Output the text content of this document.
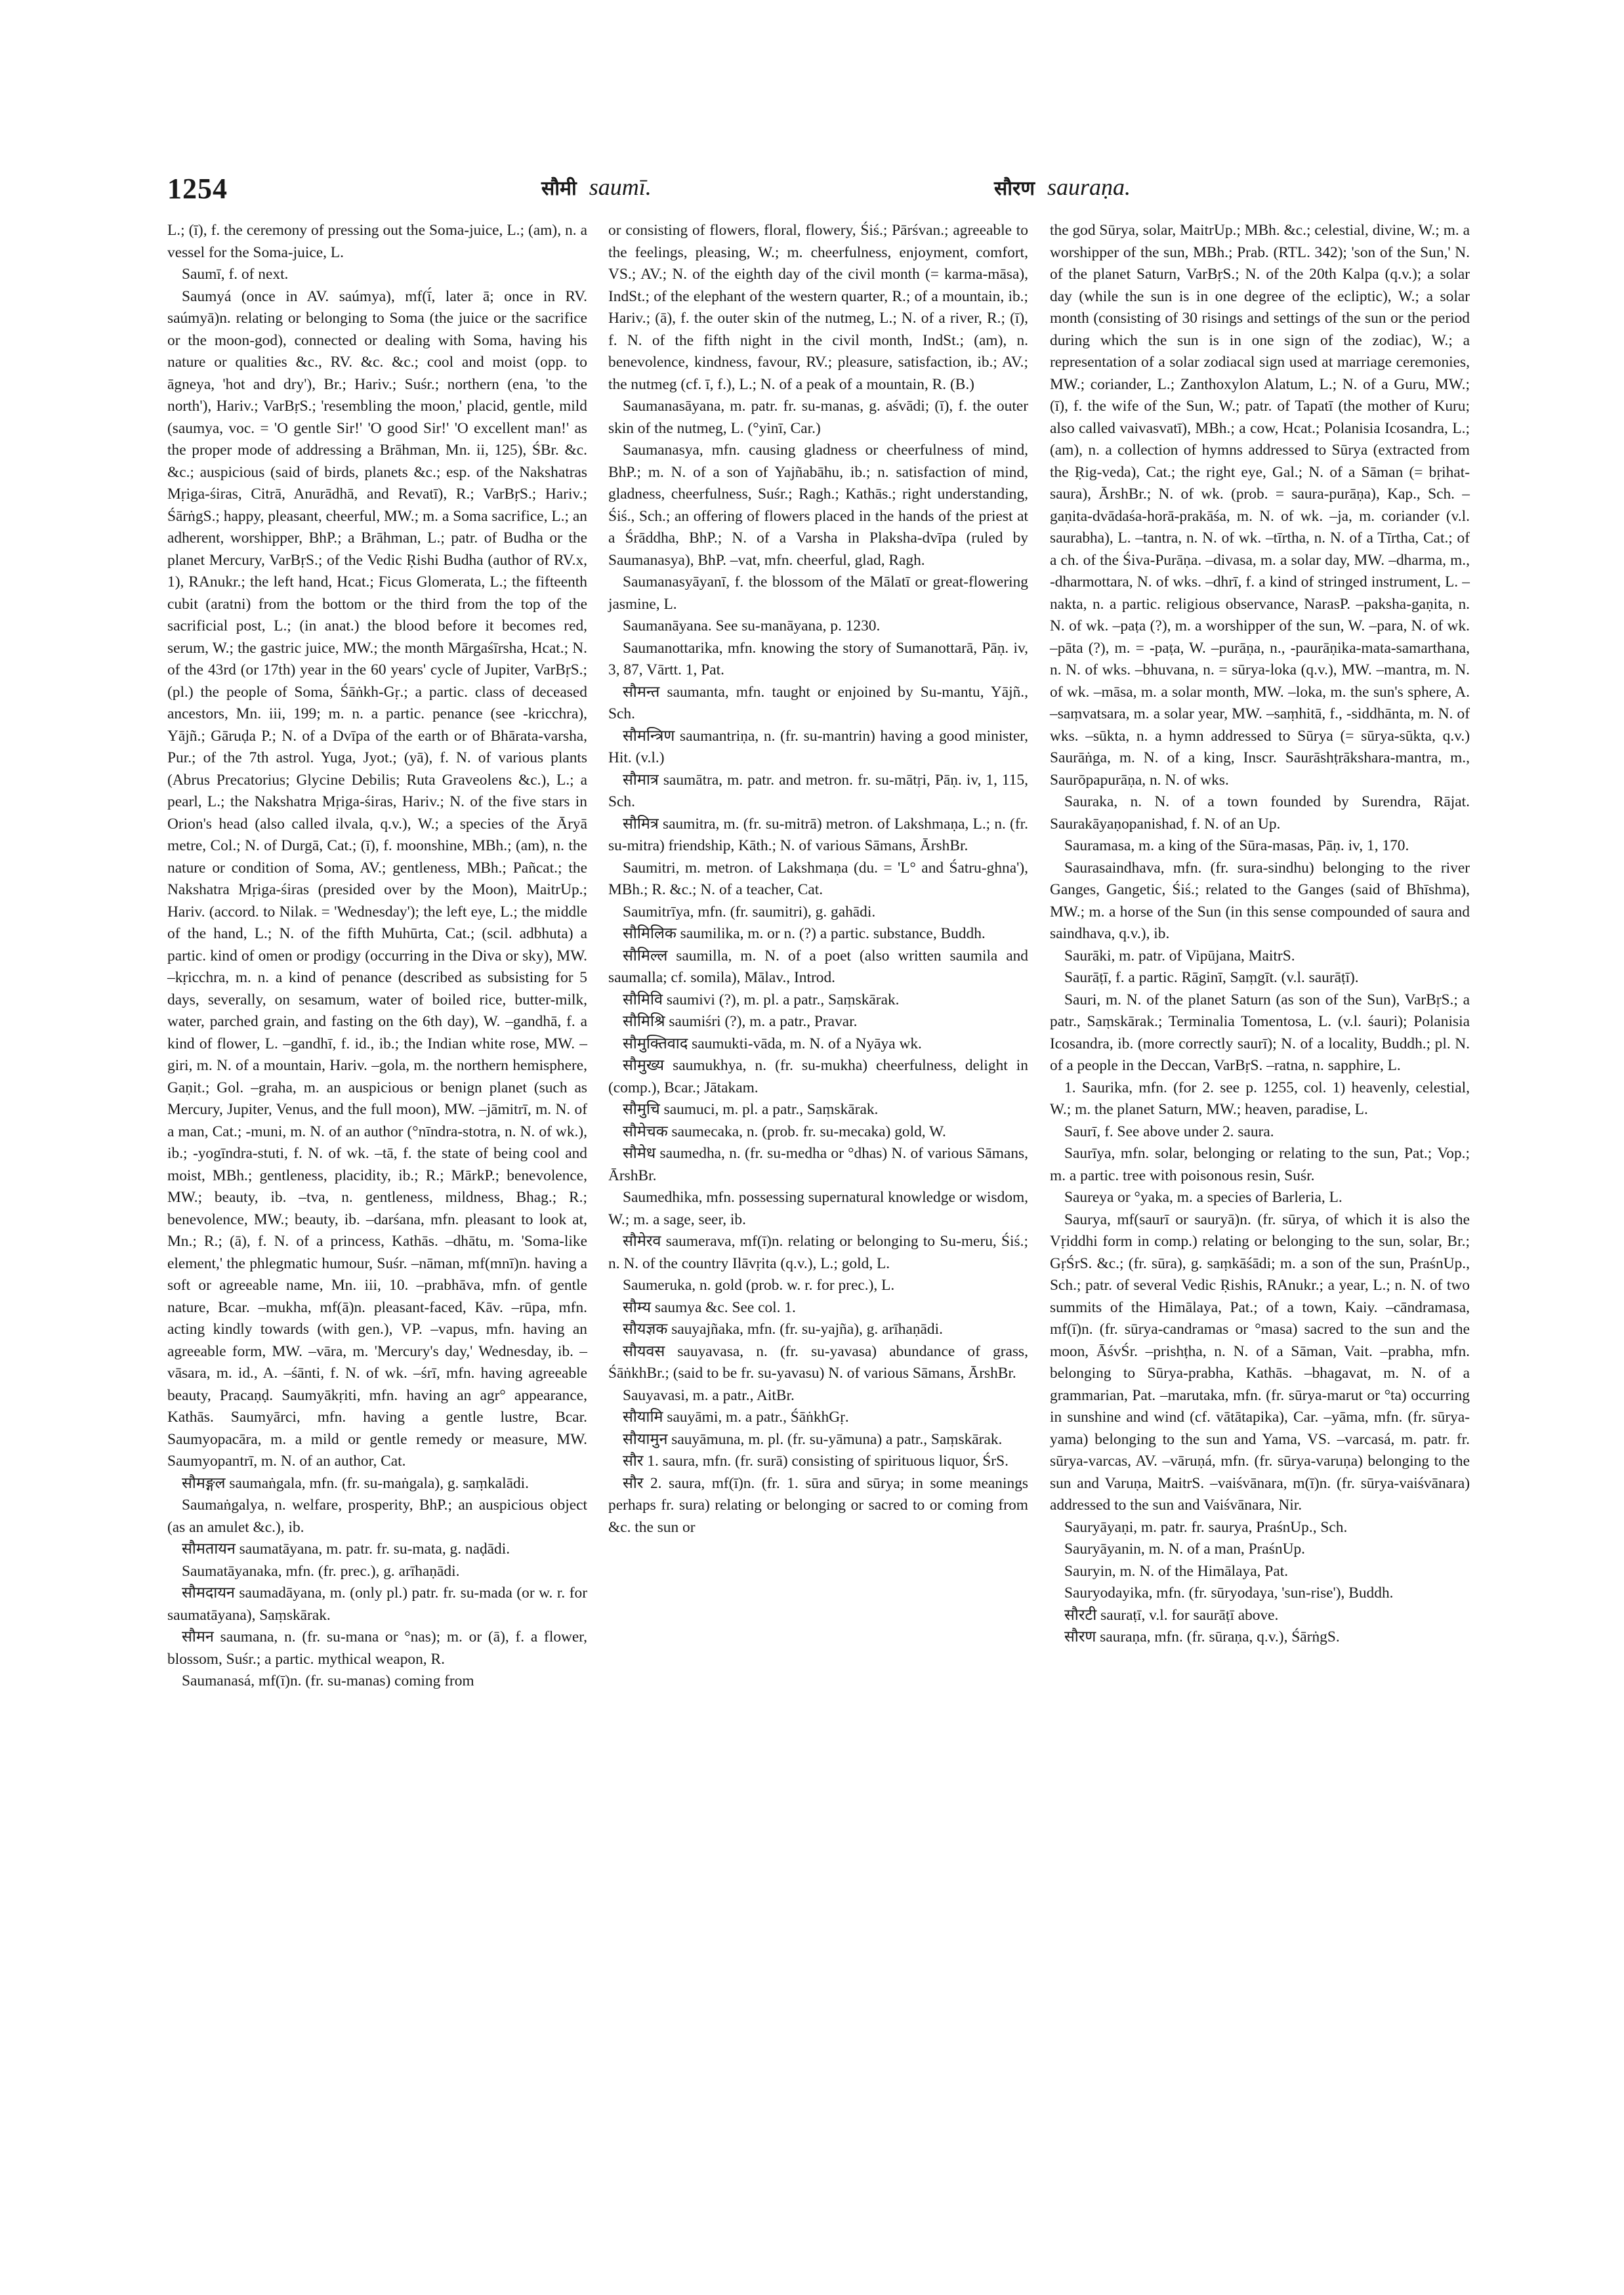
1254	सौमी saumī.	सौरण sauraṇa.

L.; (ī), f. the ceremony of pressing out the Soma-juice, L.; (am), n. a vessel for the Soma-juice, L.

Saumī, f. of next.

Saumyá (once in AV. saúmya), mf(ī́, later ā; once in RV. saúmyā)n. relating or belonging to Soma (the juice or the sacrifice or the moon-god), connected or dealing with Soma, having his nature or qualities &c., RV. &c. &c.; cool and moist (opp. to āgneya, 'hot and dry'), Br.; Hariv.; Suśr.; northern (ena, 'to the north'), Hariv.; VarBṛS.; 'resembling the moon,' placid, gentle, mild (saumya, voc. = 'O gentle Sir!' 'O good Sir!' 'O excellent man!' as the proper mode of addressing a Brāhman, Mn. ii, 125), ŚBr. &c. &c.; auspicious (said of birds, planets &c.; esp. of the Nakshatras Mṛiga-śiras, Citrā, Anurādhā, and Revatī), R.; VarBṛS.; Hariv.; ŚārṅgS.; happy, pleasant, cheerful, MW.; m. a Soma sacrifice, L.; an adherent, worshipper, BhP.; a Brāhman, L.; patr. of Budha or the planet Mercury, VarBṛS.; of the Vedic Ṛishi Budha (author of RV.x, 1), RAnukr.; the left hand, Hcat.; Ficus Glomerata, L.; the fifteenth cubit (aratni) from the bottom or the third from the top of the sacrificial post, L.; (in anat.) the blood before it becomes red, serum, W.; the gastric juice, MW.; the month Mārgaśīrsha, Hcat.; N. of the 43rd (or 17th) year in the 60 years' cycle of Jupiter, VarBṛS.; (pl.) the people of Soma, Śāṅkh-Gṛ.; a partic. class of deceased ancestors, Mn. iii, 199; m. n. a partic. penance (see -kricchra), Yājñ.; Gāruḍa P.; N. of a Dvīpa of the earth or of Bhārata-varsha, Pur.; of the 7th astrol. Yuga, Jyot.; (yā), f. N. of various plants (Abrus Precatorius; Glycine Debilis; Ruta Graveolens &c.), L.; a pearl, L.; the Nakshatra Mṛiga-śiras, Hariv.; N. of the five stars in Orion's head (also called ilvala, q.v.), W.; a species of the Āryā metre, Col.; N. of Durgā, Cat.; (ī), f. moonshine, MBh.; (am), n. the nature or condition of Soma, AV.; gentleness, MBh.; Pañcat.; the Nakshatra Mṛiga-śiras (presided over by the Moon), MaitrUp.; Hariv. (accord. to Nilak. = 'Wednesday'); the left eye, L.; the middle of the hand, L.; N. of the fifth Muhūrta, Cat.; (scil. adbhuta) a partic. kind of omen or prodigy (occurring in the Diva or sky), MW. –kṛicchra, m. n. a kind of penance (described as subsisting for 5 days, severally, on sesamum, water of boiled rice, butter-milk, water, parched grain, and fasting on the 6th day), W. –gandhā, f. a kind of flower, L. –gandhī, f. id., ib.; the Indian white rose, MW. –giri, m. N. of a mountain, Hariv. –gola, m. the northern hemisphere, Gaṇit.; Gol. –graha, m. an auspicious or benign planet (such as Mercury, Jupiter, Venus, and the full moon), MW. –jāmitrī, m. N. of a man, Cat.; -muni, m. N. of an author (°nīndra-stotra, n. N. of wk.), ib.; -yogīndra-stuti, f. N. of wk. –tā, f. the state of being cool and moist, MBh.; gentleness, placidity, ib.; R.; MārkP.; benevolence, MW.; beauty, ib. –tva, n. gentleness, mildness, Bhag.; R.; benevolence, MW.; beauty, ib. –darśana, mfn. pleasant to look at, Mn.; R.; (ā), f. N. of a princess, Kathās. –dhātu, m. 'Soma-like element,' the phlegmatic humour, Suśr. –nāman, mf(mnī)n. having a soft or agreeable name, Mn. iii, 10. –prabhāva, mfn. of gentle nature, Bcar. –mukha, mf(ā)n. pleasant-faced, Kāv. –rūpa, mfn. acting kindly towards (with gen.), VP. –vapus, mfn. having an agreeable form, MW. –vāra, m. 'Mercury's day,' Wednesday, ib. –vāsara, m. id., A. –śānti, f. N. of wk. –śrī, mfn. having agreeable beauty, Pracaṇḍ. Saumyākṛiti, mfn. having an agr° appearance, Kathās. Saumyārci, mfn. having a gentle lustre, Bcar. Saumyopacāra, m. a mild or gentle remedy or measure, MW. Saumyopantrī, m. N. of an author, Cat.

सौमङ्गल saumaṅgala, mfn. (fr. su-maṅgala), g. saṃkalādi.

Saumaṅgalya, n. welfare, prosperity, BhP.; an auspicious object (as an amulet &c.), ib.

सौमतायन saumatāyana, m. patr. fr. su-mata, g. naḍādi.

Saumatāyanaka, mfn. (fr. prec.), g. arīhaṇādi.

सौमदायन saumadāyana, m. (only pl.) patr. fr. su-mada (or w. r. for saumatāyana), Saṃskārak.

सौमन saumana, n. (fr. su-mana or °nas); m. or (ā), f. a flower, blossom, Suśr.; a partic. mythical weapon, R.

Saumanasá, mf(ī)n. (fr. su-manas) coming from

or consisting of flowers, floral, flowery, Śiś.; Pārśvan.; agreeable to the feelings, pleasing, W.; m. cheerfulness, enjoyment, comfort, VS.; AV.; N. of the eighth day of the civil month (= karma-māsa), IndSt.; of the elephant of the western quarter, R.; of a mountain, ib.; Hariv.; (ā), f. the outer skin of the nutmeg, L.; N. of a river, R.; (ī), f. N. of the fifth night in the civil month, IndSt.; (am), n. benevolence, kindness, favour, RV.; pleasure, satisfaction, ib.; AV.; the nutmeg (cf. ī, f.), L.; N. of a peak of a mountain, R. (B.)

Saumanasāyana, m. patr. fr. su-manas, g. aśvādi; (ī), f. the outer skin of the nutmeg, L. (°yinī, Car.)

Saumanasya, mfn. causing gladness or cheerfulness of mind, BhP.; m. N. of a son of Yajñabāhu, ib.; n. satisfaction of mind, gladness, cheerfulness, Suśr.; Ragh.; Kathās.; right understanding, Śiś., Sch.; an offering of flowers placed in the hands of the priest at a Śrāddha, BhP.; N. of a Varsha in Plaksha-dvīpa (ruled by Saumanasya), BhP. –vat, mfn. cheerful, glad, Ragh.

Saumanasyāyanī, f. the blossom of the Mālatī or great-flowering jasmine, L.

Saumanāyana. See su-manāyana, p. 1230.

Saumanottarika, mfn. knowing the story of Sumanottarā, Pāṇ. iv, 3, 87, Vārtt. 1, Pat.

सौमन्त saumanta, mfn. taught or enjoined by Su-mantu, Yājñ., Sch.

सौमन्त्रिण saumantriṇa, n. (fr. su-mantrin) having a good minister, Hit. (v.l.)

सौमात्र saumātra, m. patr. and metron. fr. su-mātṛi, Pāṇ. iv, 1, 115, Sch.

सौमित्र saumitra, m. (fr. su-mitrā) metron. of Lakshmaṇa, L.; n. (fr. su-mitra) friendship, Kāth.; N. of various Sāmans, ĀrshBr.

Saumitri, m. metron. of Lakshmaṇa (du. = 'L° and Śatru-ghna'), MBh.; R. &c.; N. of a teacher, Cat.

Saumitrīya, mfn. (fr. saumitri), g. gahādi.

सौमिलिक saumilika, m. or n. (?) a partic. substance, Buddh.

सौमिल्ल saumilla, m. N. of a poet (also written saumila and saumalla; cf. somila), Mālav., Introd.

सौमिवि saumivi (?), m. pl. a patr., Saṃskārak.

सौमिश्रि saumiśri (?), m. a patr., Pravar.

सौमुक्तिवाद saumukti-vāda, m. N. of a Nyāya wk.

सौमुख्य saumukhya, n. (fr. su-mukha) cheerfulness, delight in (comp.), Bcar.; Jātakam.

सौमुचि saumuci, m. pl. a patr., Saṃskārak.

सौमेचक saumecaka, n. (prob. fr. su-mecaka) gold, W.

सौमेध saumedha, n. (fr. su-medha or °dhas) N. of various Sāmans, ĀrshBr.

Saumedhika, mfn. possessing supernatural knowledge or wisdom, W.; m. a sage, seer, ib.

सौमेरव saumerava, mf(ī)n. relating or belonging to Su-meru, Śiś.; n. N. of the country Ilāvṛita (q.v.), L.; gold, L.

Saumeruka, n. gold (prob. w. r. for prec.), L.

सौम्य saumya &c. See col. 1.

सौयज्ञक sauyajñaka, mfn. (fr. su-yajña), g. arīhaṇādi.

सौयवस sauyavasa, n. (fr. su-yavasa) abundance of grass, ŚāṅkhBr.; (said to be fr. su-yavasu) N. of various Sāmans, ĀrshBr.

Sauyavasi, m. a patr., AitBr.

सौयामि sauyāmi, m. a patr., ŚāṅkhGṛ.

सौयामुन sauyāmuna, m. pl. (fr. su-yāmuna) a patr., Saṃskārak.

सौर 1. saura, mfn. (fr. surā) consisting of spirituous liquor, ŚrS.

सौर 2. saura, mf(ī)n. (fr. 1. sūra and sūrya; in some meanings perhaps fr. sura) relating or belonging or sacred to or coming from &c. the sun or

the god Sūrya, solar, MaitrUp.; MBh. &c.; celestial, divine, W.; m. a worshipper of the sun, MBh.; Prab. (RTL. 342); 'son of the Sun,' N. of the planet Saturn, VarBṛS.; N. of the 20th Kalpa (q.v.); a solar day (while the sun is in one degree of the ecliptic), W.; a solar month (consisting of 30 risings and settings of the sun or the period during which the sun is in one sign of the zodiac), W.; a representation of a solar zodiacal sign used at marriage ceremonies, MW.; coriander, L.; Zanthoxylon Alatum, L.; N. of a Guru, MW.; (ī), f. the wife of the Sun, W.; patr. of Tapatī (the mother of Kuru; also called vaivasvatī), MBh.; a cow, Hcat.; Polanisia Icosandra, L.; (am), n. a collection of hymns addressed to Sūrya (extracted from the Ṛig-veda), Cat.; the right eye, Gal.; N. of a Sāman (= bṛihat-saura), ĀrshBr.; N. of wk. (prob. = saura-purāṇa), Kap., Sch. –gaṇita-dvādaśa-horā-prakāśa, m. N. of wk. –ja, m. coriander (v.l. saurabha), L. –tantra, n. N. of wk. –tīrtha, n. N. of a Tīrtha, Cat.; of a ch. of the Śiva-Purāṇa. –divasa, m. a solar day, MW. –dharma, m., -dharmottara, N. of wks. –dhrī, f. a kind of stringed instrument, L. –nakta, n. a partic. religious observance, NarasP. –paksha-gaṇita, n. N. of wk. –paṭa (?), m. a worshipper of the sun, W. –para, N. of wk. –pāta (?), m. = -paṭa, W. –purāṇa, n., -paurāṇika-mata-samarthana, n. N. of wks. –bhuvana, n. = sūrya-loka (q.v.), MW. –mantra, m. N. of wk. –māsa, m. a solar month, MW. –loka, m. the sun's sphere, A. –saṃvatsara, m. a solar year, MW. –saṃhitā, f., -siddhānta, m. N. of wks. –sūkta, n. a hymn addressed to Sūrya (= sūrya-sūkta, q.v.) Saurāṅga, m. N. of a king, Inscr. Saurāshṭrākshara-mantra, m., Saurōpapurāṇa, n. N. of wks.

Sauraka, n. N. of a town founded by Surendra, Rājat. Saurakāyaṇopanishad, f. N. of an Up.

Sauramasa, m. a king of the Sūra-masas, Pāṇ. iv, 1, 170.

Saurasaindhava, mfn. (fr. sura-sindhu) belonging to the river Ganges, Gangetic, Śiś.; related to the Ganges (said of Bhīshma), MW.; m. a horse of the Sun (in this sense compounded of saura and saindhava, q.v.), ib.

Saurāki, m. patr. of Vipūjana, MaitrS.

Saurāṭī, f. a partic. Rāginī, Saṃgīt. (v.l. saurāṭī).

Sauri, m. N. of the planet Saturn (as son of the Sun), VarBṛS.; a patr., Saṃskārak.; Terminalia Tomentosa, L. (v.l. śauri); Polanisia Icosandra, ib. (more correctly saurī); N. of a locality, Buddh.; pl. N. of a people in the Deccan, VarBṛS. –ratna, n. sapphire, L.

1. Saurika, mfn. (for 2. see p. 1255, col. 1) heavenly, celestial, W.; m. the planet Saturn, MW.; heaven, paradise, L.

Saurī, f. See above under 2. saura.

Saurīya, mfn. solar, belonging or relating to the sun, Pat.; Vop.; m. a partic. tree with poisonous resin, Suśr.

Saureya or °yaka, m. a species of Barleria, L.

Saurya, mf(saurī or sauryā)n. (fr. sūrya, of which it is also the Vṛiddhi form in comp.) relating or belonging to the sun, solar, Br.; GṛŚrS. &c.; (fr. sūra), g. saṃkāśādi; m. a son of the sun, PraśnUp., Sch.; patr. of several Vedic Ṛishis, RAnukr.; a year, L.; n. N. of two summits of the Himālaya, Pat.; of a town, Kaiy. –cāndramasa, mf(ī)n. (fr. sūrya-candramas or °masa) sacred to the sun and the moon, ĀśvŚr. –prishṭha, n. N. of a Sāman, Vait. –prabha, mfn. belonging to Sūrya-prabha, Kathās. –bhagavat, m. N. of a grammarian, Pat. –marutaka, mfn. (fr. sūrya-marut or °ta) occurring in sunshine and wind (cf. vātātapika), Car. –yāma, mfn. (fr. sūrya-yama) belonging to the sun and Yama, VS. –varcasá, m. patr. fr. sūrya-varcas, AV. –vāruṇá, mfn. (fr. sūrya-varuṇa) belonging to the sun and Varuṇa, MaitrS. –vaiśvānara, m(ī)n. (fr. sūrya-vaiśvānara) addressed to the sun and Vaiśvānara, Nir.

Sauryāyaṇi, m. patr. fr. saurya, PraśnUp., Sch.

Sauryāyanin, m. N. of a man, PraśnUp.

Sauryin, m. N. of the Himālaya, Pat.

Sauryodayika, mfn. (fr. sūryodaya, 'sun-rise'), Buddh.

सौरटी sauraṭī, v.l. for saurāṭī above.

सौरण sauraṇa, mfn. (fr. sūraṇa, q.v.), ŚārṅgS.
